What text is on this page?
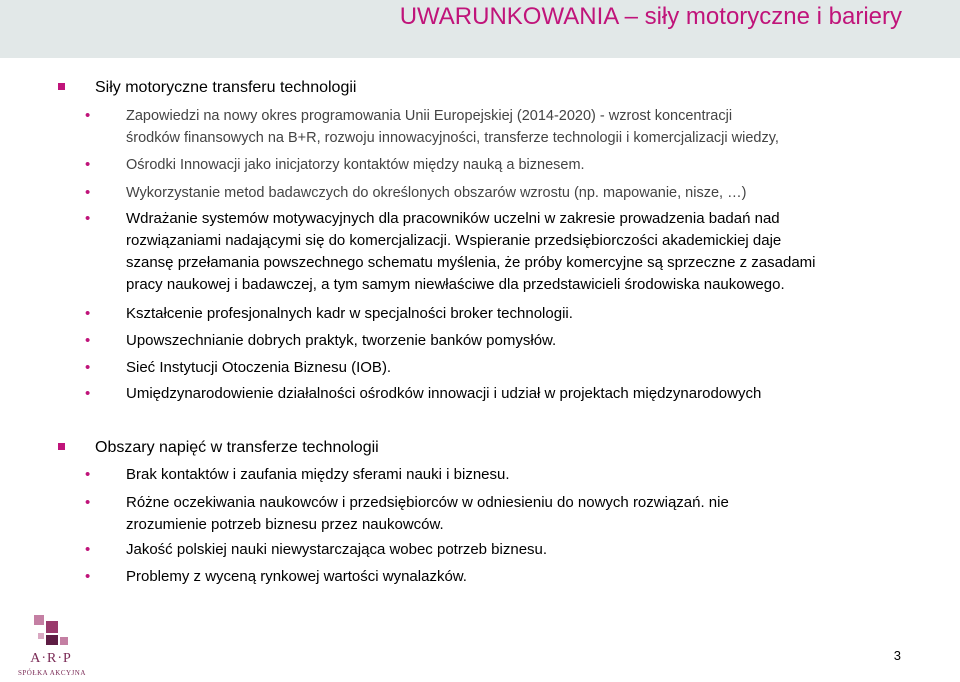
UWARUNKOWANIA – siły motoryczne i bariery
Siły motoryczne transferu technologii
•	Zapowiedzi na nowy okres programowania Unii Europejskiej (2014-2020) - wzrost koncentracji
środków finansowych na B+R, rozwoju innowacyjności, transferze technologii i komercjalizacji wiedzy,
•	Ośrodki Innowacji jako inicjatorzy kontaktów między nauką a biznesem.
•	Wykorzystanie metod badawczych do określonych obszarów wzrostu (np. mapowanie, nisze, …)
•	Wdrażanie systemów motywacyjnych dla pracowników uczelni w zakresie prowadzenia badań nad
rozwiązaniami nadającymi się do komercjalizacji. Wspieranie przedsiębiorczości akademickiej daje
szansę przełamania powszechnego schematu myślenia, że próby komercyjne są sprzeczne z zasadami
pracy naukowej i badawczej, a tym samym niewłaściwe dla przedstawicieli środowiska naukowego.
•	Kształcenie profesjonalnych kadr w specjalności broker technologii.
•	Upowszechnianie dobrych praktyk, tworzenie banków pomysłów.
•	Sieć Instytucji Otoczenia Biznesu (IOB).
•	Umiędzynarodowienie działalności ośrodków innowacji i udział w projektach międzynarodowych
Obszary napięć w transferze technologii
•	Brak kontaktów i zaufania między sferami nauki i biznesu.
•	Różne oczekiwania naukowców i przedsiębiorców w odniesieniu do nowych rozwiązań. nie
zrozumienie potrzeb biznesu przez naukowców.
•	Jakość polskiej nauki niewystarczająca wobec potrzeb biznesu.
•	Problemy z wyceną rynkowej wartości wynalazków.
A·R·P
SPÓŁKA AKCYJNA
3
